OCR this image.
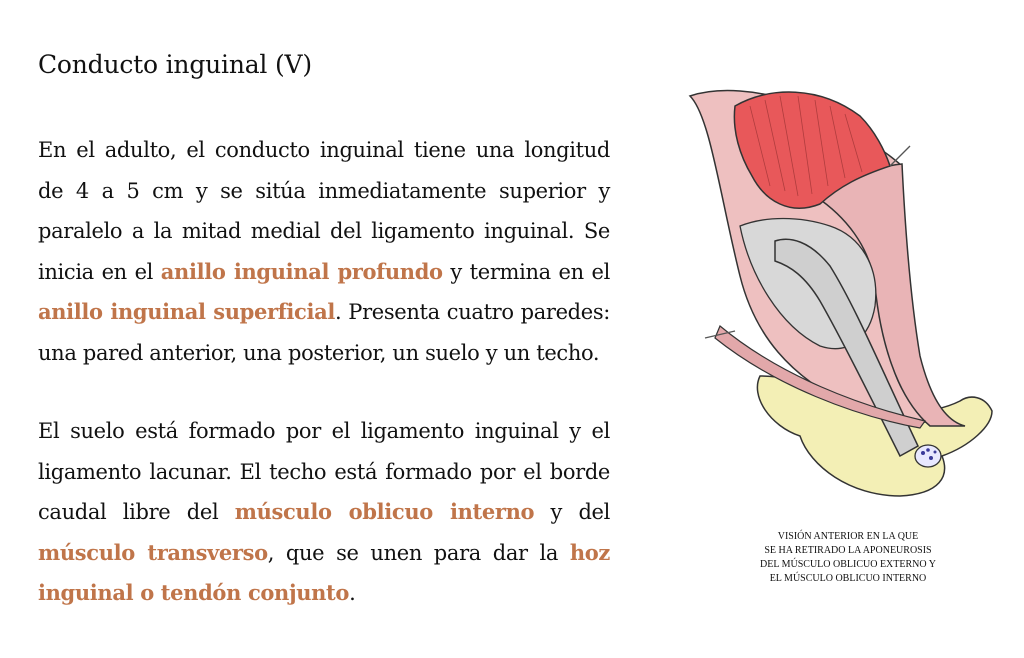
Conducto inguinal (V)

En el adulto, el conducto inguinal tiene una longitud de 4 a 5 cm y se sitúa inmediatamente superior y paralelo a la mitad medial del ligamento inguinal. Se inicia en el anillo inguinal profundo y termina en el anillo inguinal superficial. Presenta cuatro paredes: una pared anterior, una posterior, un suelo y un techo.

El suelo está formado por el ligamento inguinal y el ligamento lacunar. El techo está formado por el borde caudal libre del músculo oblicuo interno y del músculo transverso, que se unen para dar la hoz inguinal o tendón conjunto.

VISIÓN ANTERIOR EN LA QUE
SE HA RETIRADO LA APONEUROSIS
DEL MÚSCULO OBLICUO EXTERNO Y
EL MÚSCULO OBLICUO INTERNO
